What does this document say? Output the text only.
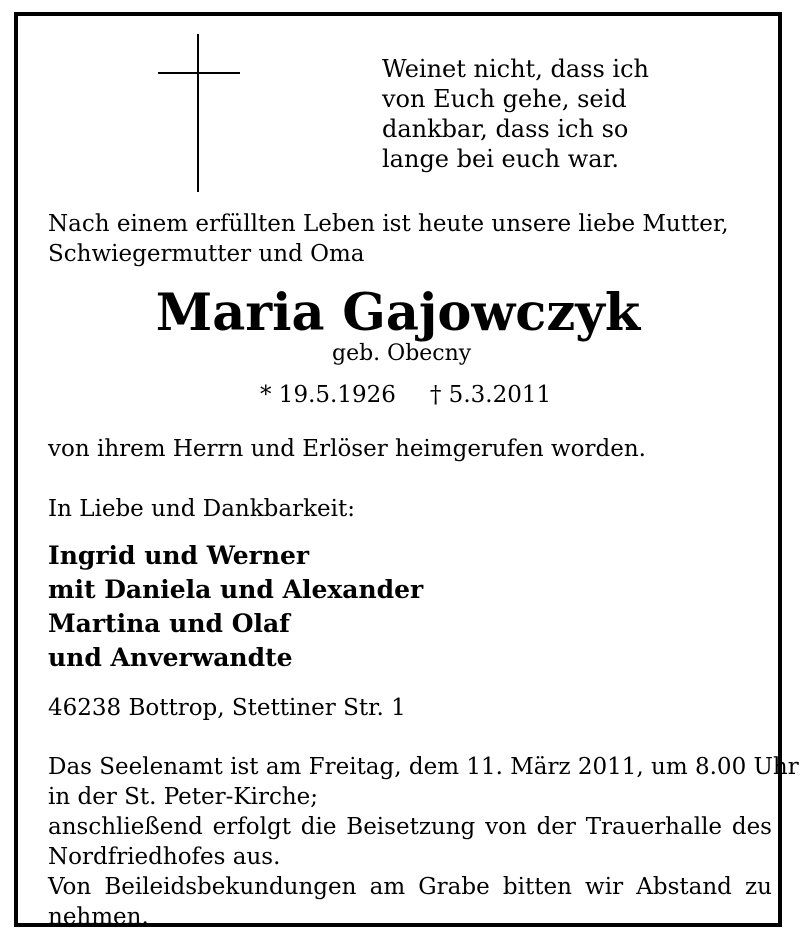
Weinet nicht, dass ich
von Euch gehe, seid
dankbar, dass ich so
lange bei euch war.
Nach einem erfüllten Leben ist heute unsere liebe Mutter,
Schwiegermutter und Oma
Maria Gajowczyk
geb. Obecny
* 19.5.1926 † 5.3.2011
von ihrem Herrn und Erlöser heimgerufen worden.
In Liebe und Dankbarkeit:
Ingrid und Werner
mit Daniela und Alexander
Martina und Olaf
und Anverwandte
46238 Bottrop, Stettiner Str. 1
Das Seelenamt ist am Freitag, dem 11. März 2011, um 8.00 Uhr
in der St. Peter-Kirche;
anschließend erfolgt die Beisetzung von der Trauerhalle des
Nordfriedhofes aus.
Von Beileidsbekundungen am Grabe bitten wir Abstand zu
nehmen.
